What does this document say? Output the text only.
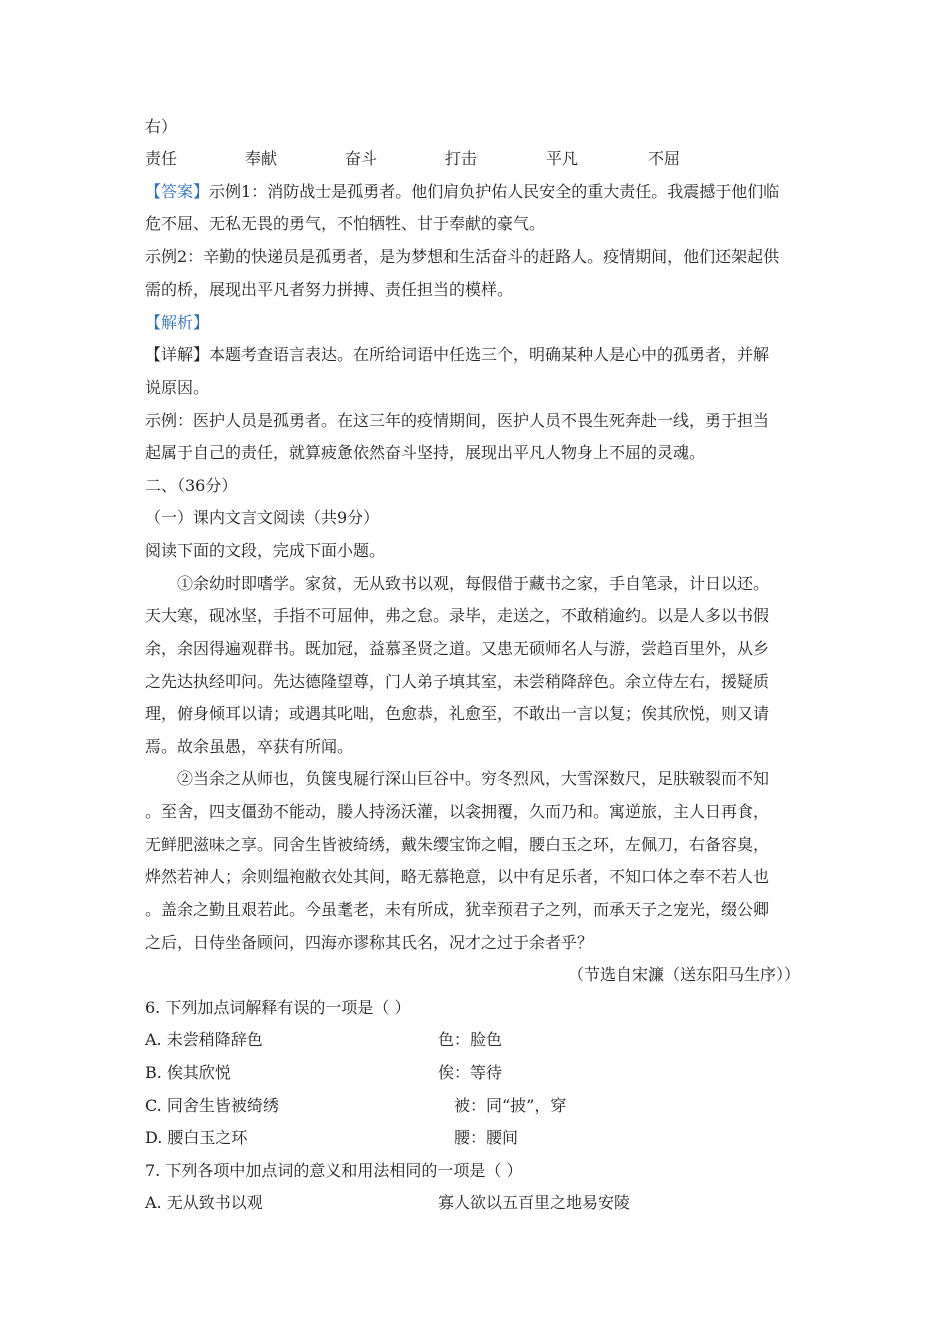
右）
责任	奉献	奋斗	打击	平凡	不屈
【答案】示例1：消防战士是孤勇者。他们肩负护佑人民安全的重大责任。我震撼于他们临
危不屈、无私无畏的勇气，不怕牺牲、甘于奉献的豪气。
示例2：辛勤的快递员是孤勇者，是为梦想和生活奋斗的赶路人。疫情期间，他们还架起供
需的桥，展现出平凡者努力拼搏、责任担当的模样。
【解析】
【详解】本题考查语言表达。在所给词语中任选三个，明确某种人是心中的孤勇者，并解
说原因。
示例：医护人员是孤勇者。在这三年的疫情期间，医护人员不畏生死奔赴一线，勇于担当
起属于自己的责任，就算疲惫依然奋斗坚持，展现出平凡人物身上不屈的灵魂。
二、（36分）
（一）课内文言文阅读（共9分）
阅读下面的文段，完成下面小题。
①余幼时即嗜学。家贫，无从致书以观，每假借于藏书之家，手自笔录，计日以还。
天大寒，砚冰坚，手指不可屈伸，弗之怠。录毕，走送之，不敢稍逾约。以是人多以书假
余，余因得遍观群书。既加冠，益慕圣贤之道。又患无硕师名人与游，尝趋百里外，从乡
之先达执经叩问。先达德隆望尊，门人弟子填其室，未尝稍降辞色。余立侍左右，援疑质
理，俯身倾耳以请；或遇其叱咄，色愈恭，礼愈至，不敢出一言以复；俟其欣悦，则又请
焉。故余虽愚，卒获有所闻。
②当余之从师也，负箧曳屣行深山巨谷中。穷冬烈风，大雪深数尺，足肤皲裂而不知
。至舍，四支僵劲不能动，媵人持汤沃灌，以衾拥覆，久而乃和。寓逆旅，主人日再食，
无鲜肥滋味之享。同舍生皆被绮绣，戴朱缨宝饰之帽，腰白玉之环，左佩刀，右备容臭，
烨然若神人；余则缊袍敝衣处其间，略无慕艳意，以中有足乐者，不知口体之奉不若人也
。盖余之勤且艰若此。今虽耄老，未有所成，犹幸预君子之列，而承天子之宠光，缀公卿
之后，日侍坐备顾问，四海亦谬称其氏名，况才之过于余者乎？
（节选自宋濂（送东阳马生序））
6. 下列加点词解释有误的一项是（ ）
A. 未尝稍降辞色	色：脸色
B. 俟其欣悦	俟：等待
C. 同舍生皆被绮绣	被：同“披”，穿
D. 腰白玉之环	腰：腰间
7. 下列各项中加点词的意义和用法相同的一项是（ ）
A. 无从致书以观	寡人欲以五百里之地易安陵
